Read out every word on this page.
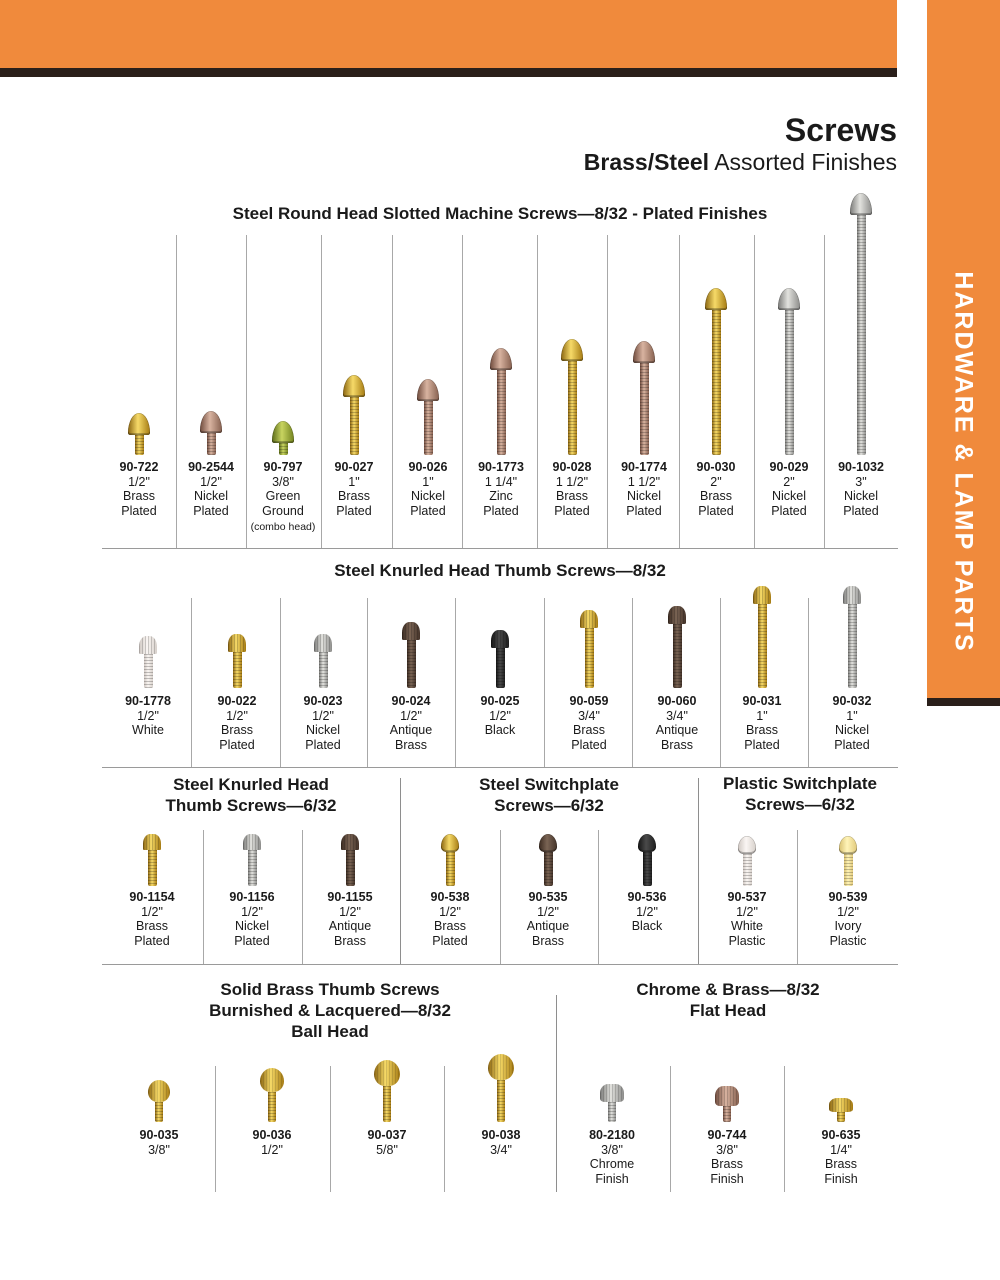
HARDWARE & LAMP PARTS
Screws
Brass/Steel Assorted Finishes
Steel Round Head Slotted Machine Screws—8/32 - Plated Finishes
Steel Knurled Head Thumb Screws—8/32
Steel Knurled Head
Thumb Screws—6/32
Steel Switchplate
Screws—6/32
Plastic Switchplate
Screws—6/32
Solid Brass Thumb Screws
Burnished & Lacquered—8/32
Ball Head
Chrome & Brass—8/32
Flat Head
90-722
1/2"
Brass
Plated
90-2544
1/2"
Nickel
Plated
90-797
3/8"
Green
Ground
(combo head)
90-027
1"
Brass
Plated
90-026
1"
Nickel
Plated
90-1773
1 1/4"
Zinc
Plated
90-028
1 1/2"
Brass
Plated
90-1774
1 1/2"
Nickel
Plated
90-030
2"
Brass
Plated
90-029
2"
Nickel
Plated
90-1032
3"
Nickel
Plated
90-1778
1/2"
White
90-022
1/2"
Brass
Plated
90-023
1/2"
Nickel
Plated
90-024
1/2"
Antique
Brass
90-025
1/2"
Black
90-059
3/4"
Brass
Plated
90-060
3/4"
Antique
Brass
90-031
1"
Brass
Plated
90-032
1"
Nickel
Plated
90-1154
1/2"
Brass
Plated
90-1156
1/2"
Nickel
Plated
90-1155
1/2"
Antique
Brass
90-538
1/2"
Brass
Plated
90-535
1/2"
Antique
Brass
90-536
1/2"
Black
90-537
1/2"
White
Plastic
90-539
1/2"
Ivory
Plastic
90-035
3/8"
90-036
1/2"
90-037
5/8"
90-038
3/4"
80-2180
3/8"
Chrome
Finish
90-744
3/8"
Brass
Finish
90-635
1/4"
Brass
Finish
